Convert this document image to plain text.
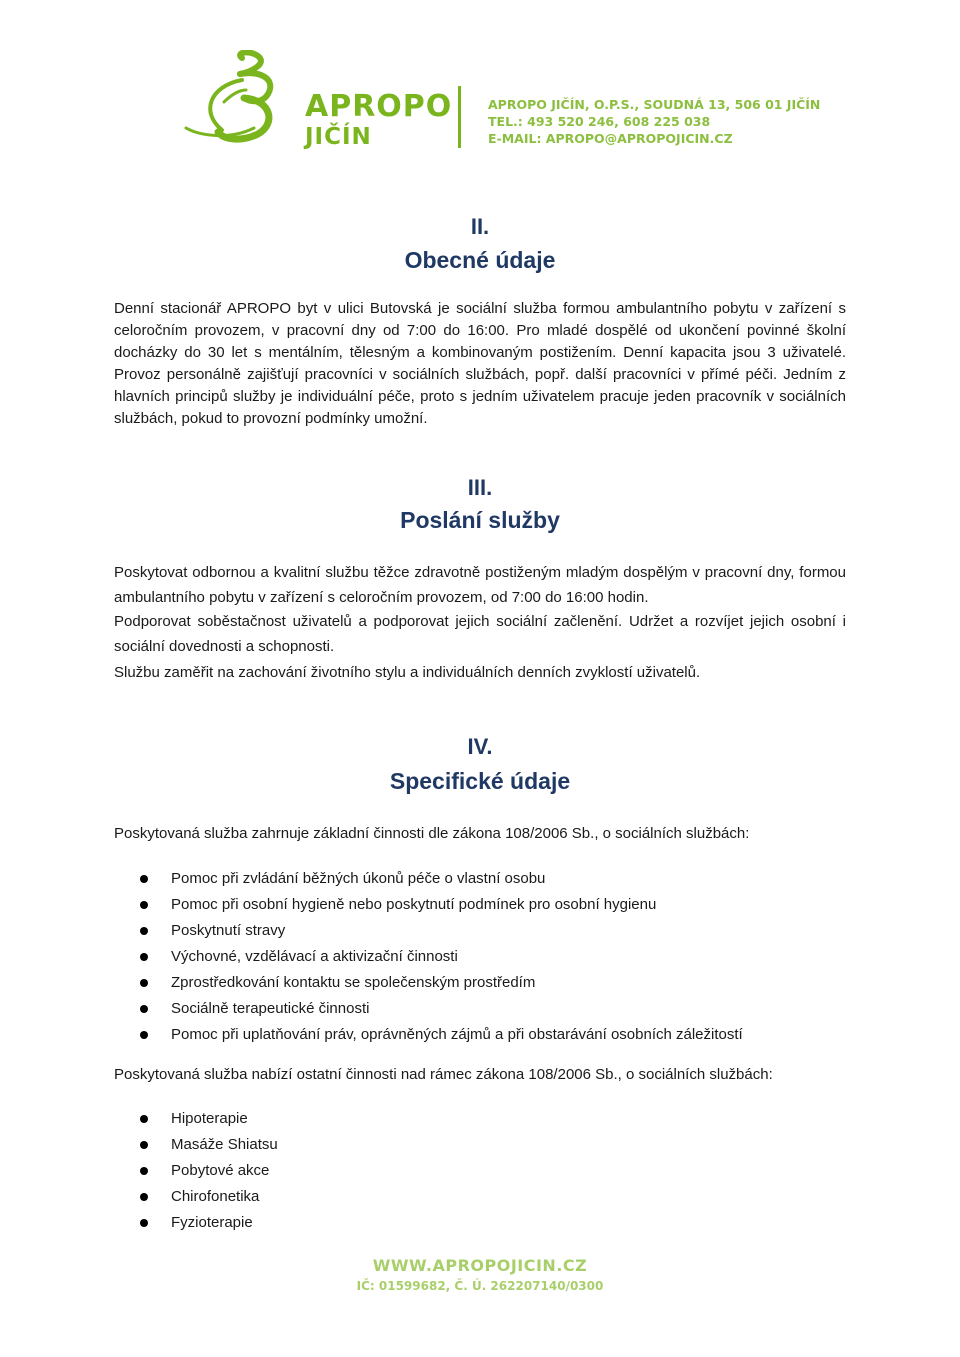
APROPO
JIČÍN
APROPO JIČÍN, O.P.S., SOUDNÁ 13, 506 01 JIČÍN
TEL.: 493 520 246, 608 225 038
E-MAIL: APROPO@APROPOJICIN.CZ
II.
Obecné údaje
Denní stacionář APROPO byt v ulici Butovská je sociální služba formou ambulantního pobytu v zařízení s celoročním provozem, v pracovní dny od 7:00 do 16:00. Pro mladé dospělé od ukončení povinné školní docházky do 30 let s mentálním, tělesným a kombinovaným postižením. Denní kapacita jsou 3 uživatelé. Provoz personálně zajišťují pracovníci v sociálních službách, popř. další pracovníci v přímé péči. Jedním z hlavních principů služby je individuální péče, proto s jedním uživatelem pracuje jeden pracovník v sociálních službách, pokud to provozní podmínky umožní.
III.
Poslání služby
Poskytovat odbornou a kvalitní službu těžce zdravotně postiženým mladým dospělým v pracovní dny, formou ambulantního pobytu v zařízení s celoročním provozem, od 7:00 do 16:00 hodin.
Podporovat soběstačnost uživatelů a podporovat jejich sociální začlenění. Udržet a rozvíjet jejich osobní i sociální dovednosti a schopnosti.
Službu zaměřit na zachování životního stylu a individuálních denních zvyklostí uživatelů.
IV.
Specifické údaje
Poskytovaná služba zahrnuje základní činnosti dle zákona 108/2006 Sb., o sociálních službách:
Pomoc při zvládání běžných úkonů péče o vlastní osobu
Pomoc při osobní hygieně nebo poskytnutí podmínek pro osobní hygienu
Poskytnutí stravy
Výchovné, vzdělávací a aktivizační činnosti
Zprostředkování kontaktu se společenským prostředím
Sociálně terapeutické činnosti
Pomoc při uplatňování práv, oprávněných zájmů a při obstarávání osobních záležitostí
Poskytovaná služba nabízí ostatní činnosti nad rámec zákona 108/2006 Sb., o sociálních službách:
Hipoterapie
Masáže Shiatsu
Pobytové akce
Chirofonetika
Fyzioterapie
WWW.APROPOJICIN.CZ
IČ: 01599682, Č. Ú. 262207140/0300
